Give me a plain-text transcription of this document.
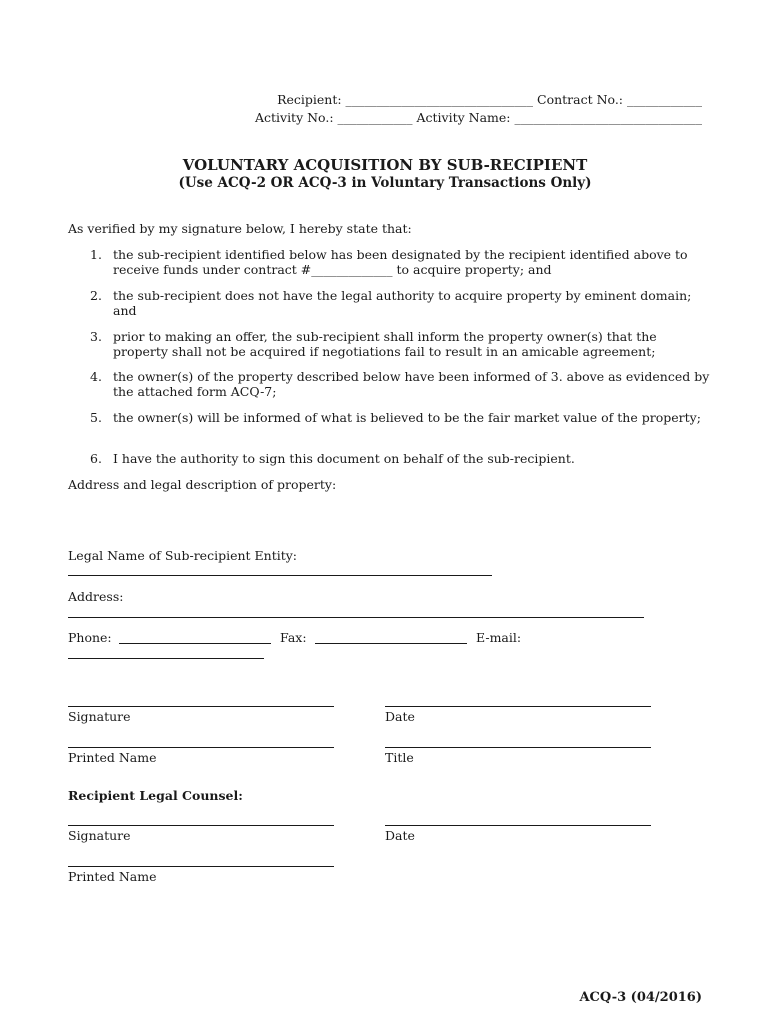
Recipient: ______________________________ Contract No.: ____________
Activity No.: ____________ Activity Name: ______________________________
VOLUNTARY ACQUISITION BY SUB-RECIPIENT
(Use ACQ-2 OR ACQ-3 in Voluntary Transactions Only)
As verified by my signature below, I hereby state that:
1. the sub-recipient identified below has been designated by the recipient identified above to receive funds under contract #_____________ to acquire property; and
2. the sub-recipient does not have the legal authority to acquire property by eminent domain; and
3. prior to making an offer, the sub-recipient shall inform the property owner(s) that the property shall not be acquired if negotiations fail to result in an amicable agreement;
4. the owner(s) of the property described below have been informed of 3. above as evidenced by the attached form ACQ-7;
5. the owner(s) will be informed of what is believed to be the fair market value of the property;
6. I have the authority to sign this document on behalf of the sub-recipient.
Address and legal description of property:
Legal Name of Sub-recipient Entity:
Address:
Phone:	Fax:	E-mail:
Signature	Date
Printed Name	Title
Recipient Legal Counsel:
Signature	Date
Printed Name
ACQ-3 (04/2016)
